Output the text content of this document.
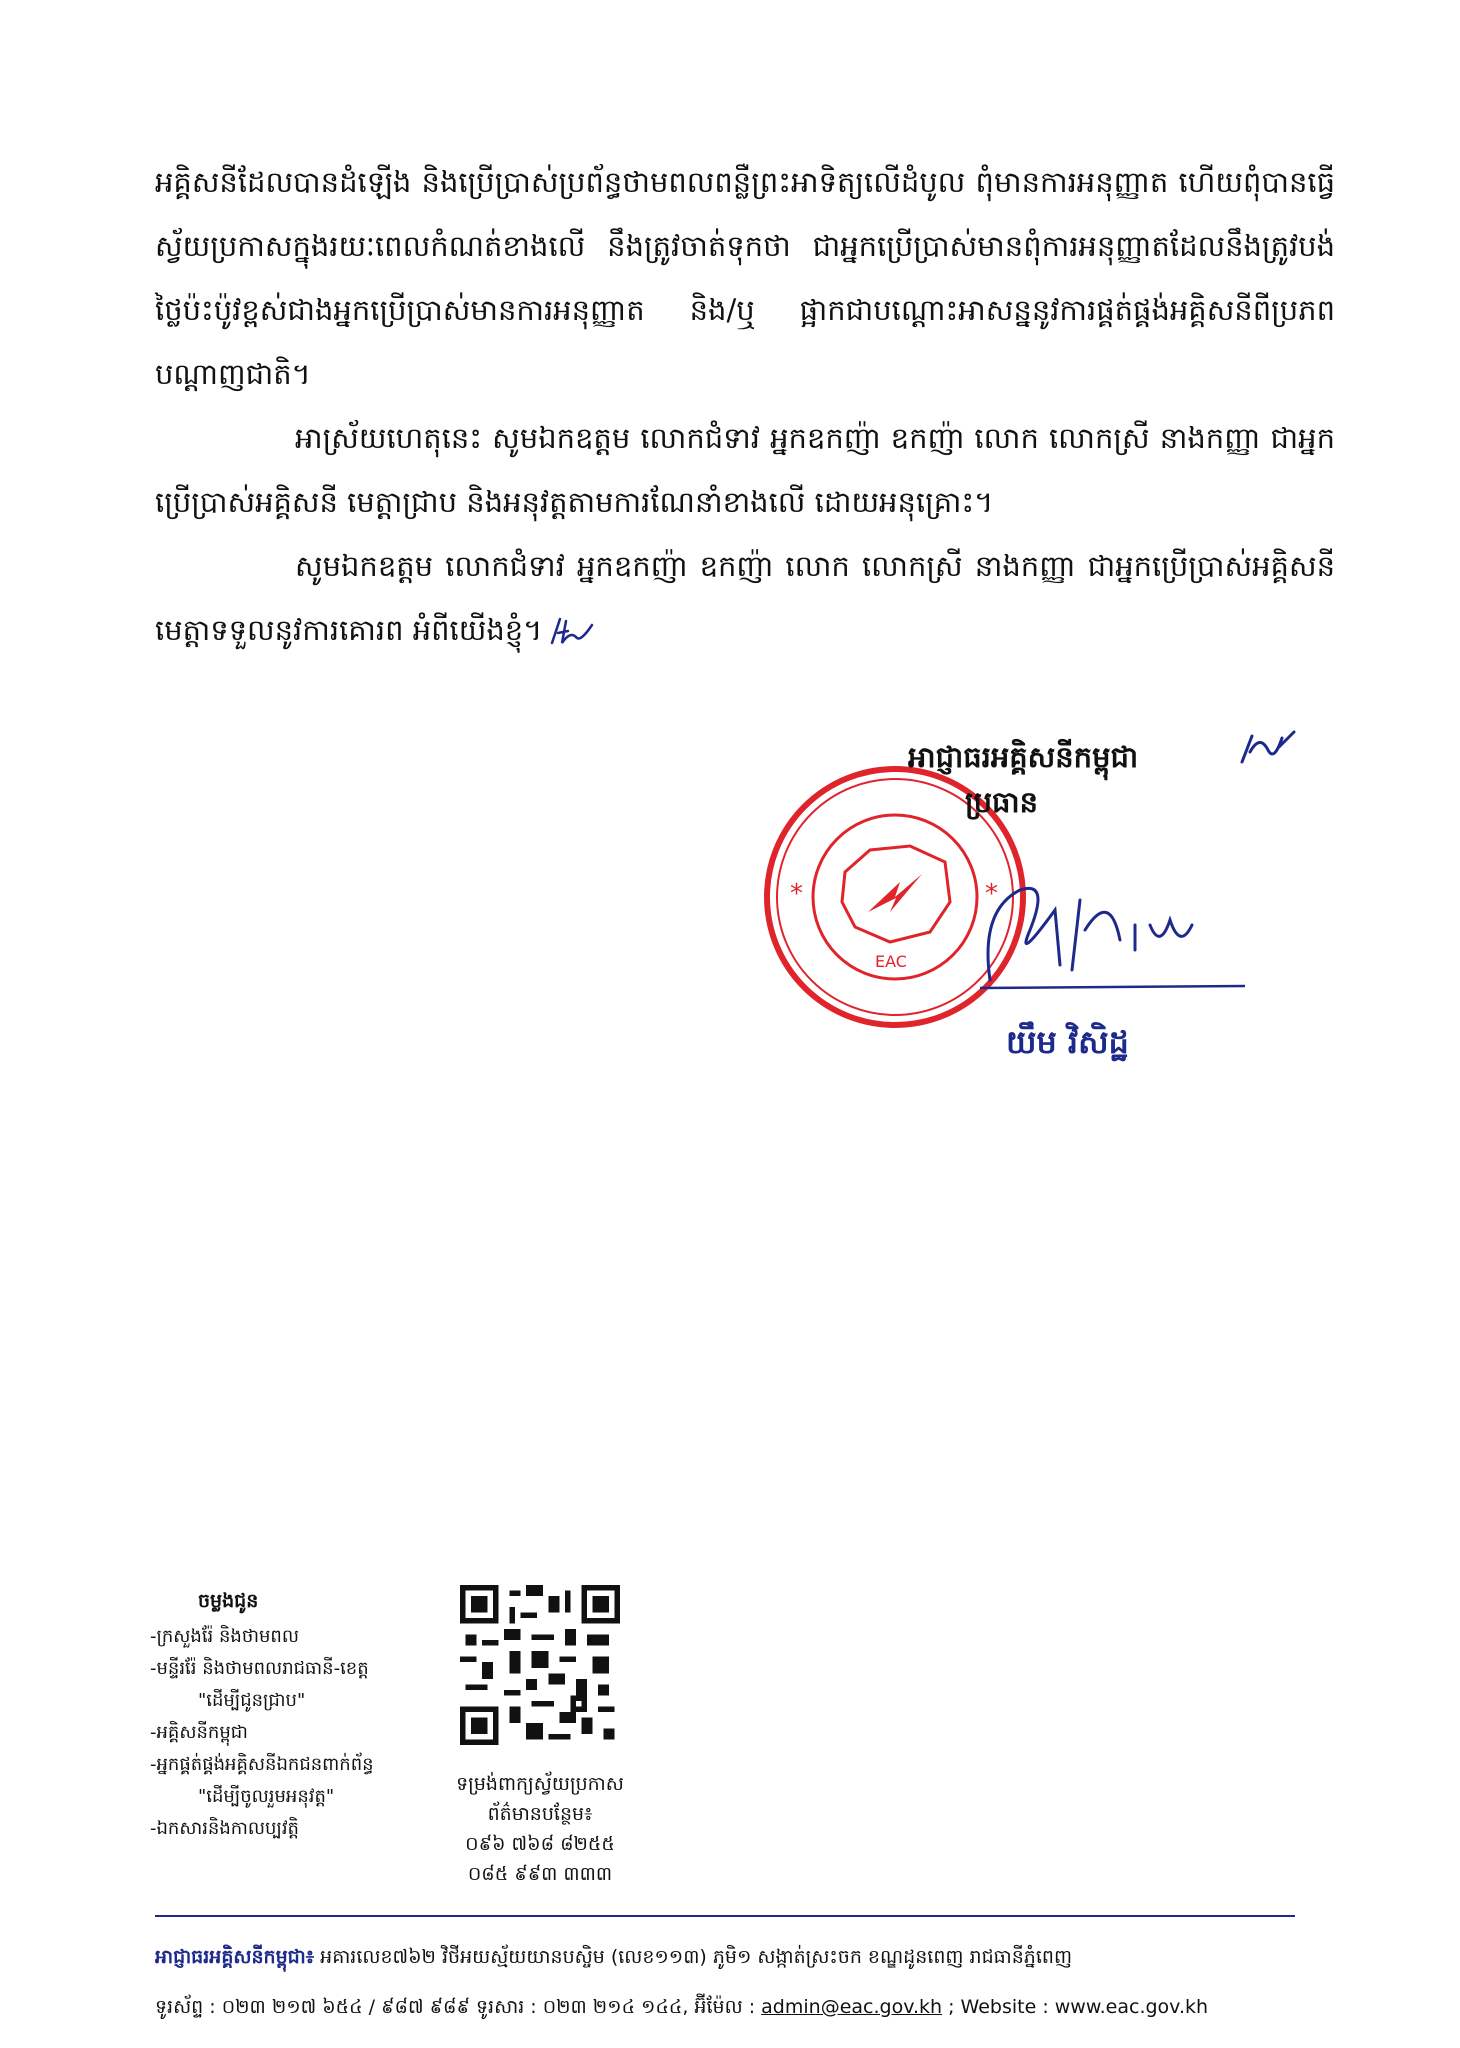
អគ្គិសនីដែលបានដំឡើង និងប្រើប្រាស់ប្រព័ន្ធថាមពលពន្លឺព្រះអាទិត្យលើដំបូល ពុំមានការអនុញ្ញាត ហើយពុំបានធ្វើស្វ័យប្រកាសក្នុងរយៈពេលកំណត់ខាងលើ នឹងត្រូវចាត់ទុកថា ជាអ្នកប្រើប្រាស់មានពុំការអនុញ្ញាតដែលនឹងត្រូវបង់ថ្លៃប៉ះប៉ូវខ្ពស់ជាងអ្នកប្រើប្រាស់មានការអនុញ្ញាត និង/ឬ ផ្អាកជាបណ្តោះអាសន្ននូវការផ្គត់ផ្គង់អគ្គិសនីពីប្រភពបណ្តាញជាតិ។

អាស្រ័យហេតុនេះ សូមឯកឧត្តម លោកជំទាវ អ្នកឧកញ៉ា ឧកញ៉ា លោក លោកស្រី នាងកញ្ញា ជាអ្នកប្រើប្រាស់អគ្គិសនី មេត្តាជ្រាប និងអនុវត្តតាមការណែនាំខាងលើ ដោយអនុគ្រោះ។

សូមឯកឧត្តម លោកជំទាវ អ្នកឧកញ៉ា ឧកញ៉ា លោក លោកស្រី នាងកញ្ញា ជាអ្នកប្រើប្រាស់អគ្គិសនី មេត្តាទទួលនូវការគោរព អំពីយើងខ្ញុំ។

EAC
*	*

អាជ្ញាធរអគ្គិសនីកម្ពុជា

ប្រធាន

យឹម វិសិដ្ឋ

ចម្លងជូន

-ក្រសួងរ៉ែ និងថាមពល
-មន្ទីររ៉ែ និងថាមពលរាជធានី-ខេត្ត
"ដើម្បីជូនជ្រាប"
-អគ្គិសនីកម្ពុជា
-អ្នកផ្គត់ផ្គង់អគ្គិសនីឯកជនពាក់ព័ន្ធ
"ដើម្បីចូលរួមអនុវត្ត"
-ឯកសារនិងកាលប្បវត្តិ

ទម្រង់ពាក្យស្វ័យប្រកាស
ព័ត៌មានបន្ថែម៖

០៩៦ ៧៦៨ ៨២៥៥

០៨៥ ៩៩៣ ៣៣៣

អាជ្ញាធរអគ្គិសនីកម្ពុជា៖ អគារលេខ៧៦២ វិថីអយស្ម័យយានបស្ចិម (លេខ១១៣) ភូមិ១ សង្កាត់ស្រះចក ខណ្ឌដូនពេញ រាជធានីភ្នំពេញ

ទូរស័ព្ទ : ០២៣ ២១៧ ៦៥៤ / ៩៨៧ ៩៨៩ ទូរសារ : ០២៣ ២១៤ ១៤៤, អ៊ីម៉ែល : admin@eac.gov.kh ; Website : www.eac.gov.kh
